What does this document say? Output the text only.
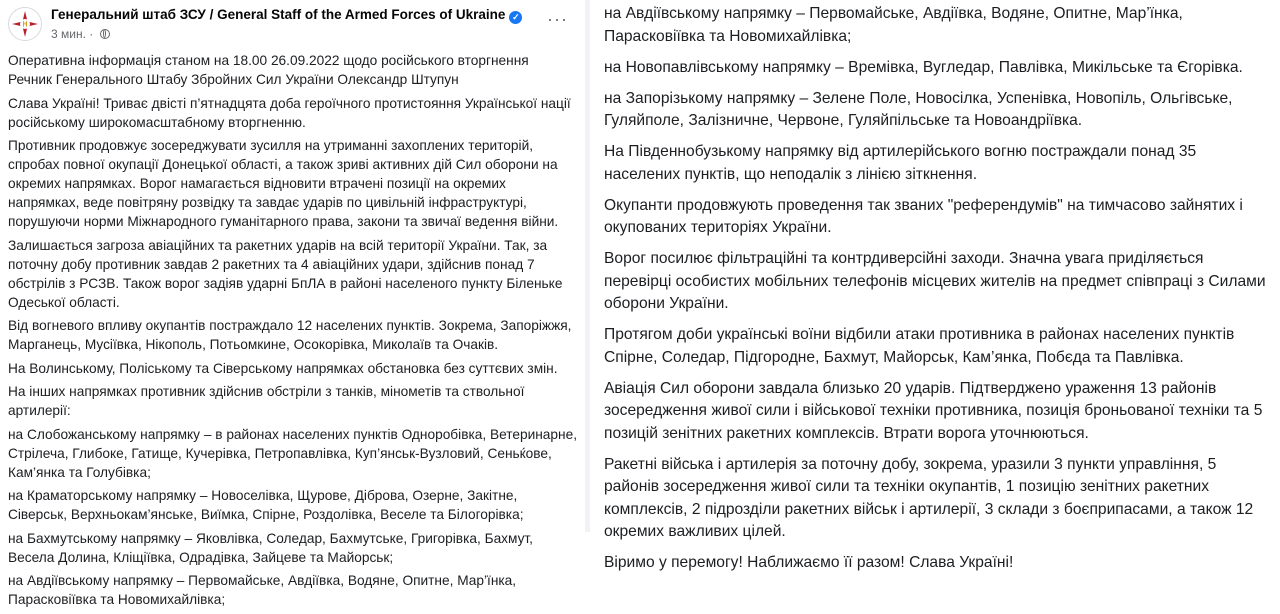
Генеральний штаб ЗСУ / General Staff of the Armed Forces of Ukraine ✓
3 мин. ·
···

Оперативна інформація станом на 18.00 26.09.2022 щодо російського вторгнення
Речник Генерального Штабу Збройних Сил України Олександр Штупун

Слава Україні! Триває двісті п’ятнадцята доба героїчного протистояння Української нації російському широкомасштабному вторгненню.

Противник продовжує зосереджувати зусилля на утриманні захоплених територій, спробах повної окупації Донецької області, а також зриві активних дій Сил оборони на окремих напрямках. Ворог намагається відновити втрачені позиції на окремих напрямках, веде повітряну розвідку та завдає ударів по цивільній інфраструктурі, порушуючи норми Міжнародного гуманітарного права, закони та звичаї ведення війни.

Залишається загроза авіаційних та ракетних ударів на всій території України. Так, за поточну добу противник завдав 2 ракетних та 4 авіаційних удари, здійснив понад 7 обстрілів з РСЗВ. Також ворог задіяв ударні БпЛА в районі населеного пункту Біленьке Одеської області.

Від вогневого впливу окупантів постраждало 12 населених пунктів. Зокрема, Запоріжжя, Марганець, Мусіївка, Нікополь, Потьомкине, Осокорівка, Миколаїв та Очаків.

На Волинському, Поліському та Сіверському напрямках обстановка без суттєвих змін.

На інших напрямках противник здійснив обстріли з танків, мінометів та ствольної артилерії:

на Слобожанському напрямку – в районах населених пунктів Одноробівка, Ветеринарне, Стрілеча, Глибоке, Гатище, Кучерівка, Петропавлівка, Куп’янськ-Вузловий, Сеньќове, Кам’янка та Голубівка;

на Краматорському напрямку – Новоселівка, Щурове, Діброва, Озерне, Закітне, Сіверськ, Верхньокам’янське, Виїмка, Спірне, Роздолівка, Веселе та Білогорівка;

на Бахмутському напрямку – Яковлівка, Соледар, Бахмутське, Григорівка, Бахмут, Весела Долина, Кліщіївка, Одрадівка, Зайцеве та Майорськ;

на Авдіївському напрямку – Первомайське, Авдіївка, Водяне, Опитне, Мар’їнка, Парасковіївка та Новомихайлівка;

на Авдіївському напрямку – Первомайське, Авдіївка, Водяне, Опитне, Мар’їнка, Парасковіївка та Новомихайлівка;

на Новопавлівському напрямку – Времівка, Вугледар, Павлівка, Микільське та Єгорівка.

на Запорізькому напрямку – Зелене Поле, Новосілка, Успенівка, Новопіль, Ольгівське, Гуляйполе, Залізничне, Червоне, Гуляйпільське та Новоандріївка.

На Південнобузькому напрямку від артилерійського вогню постраждали понад 35 населених пунктів, що неподалік з лінією зіткнення.

Окупанти продовжують проведення так званих "референдумів" на тимчасово зайнятих і окупованих територіях України.

Ворог посилює фільтраційні та контрдиверсійні заходи. Значна увага приділяється перевірці особистих мобільних телефонів місцевих жителів на предмет співпраці з Силами оборони України.

Протягом доби українські воїни відбили атаки противника в районах населених пунктів Спірне, Соледар, Підгородне, Бахмут, Майорськ, Кам’янка, Побєда та Павлівка.

Авіація Сил оборони завдала близько 20 ударів. Підтверджено ураження 13 районів зосередження живої сили і військової техніки противника, позиція броньованої техніки та 5 позицій зенітних ракетних комплексів. Втрати ворога уточнюються.

Ракетні війська і артилерія за поточну добу, зокрема, уразили 3 пункти управління, 5 районів зосередження живої сили та техніки окупантів, 1 позицію зенітних ракетних комплексів, 2 підрозділи ракетних військ і артилерії, 3 склади з боєприпасами, а також 12 окремих важливих цілей.

Віримо у перемогу! Наближаємо її разом! Слава Україні!
